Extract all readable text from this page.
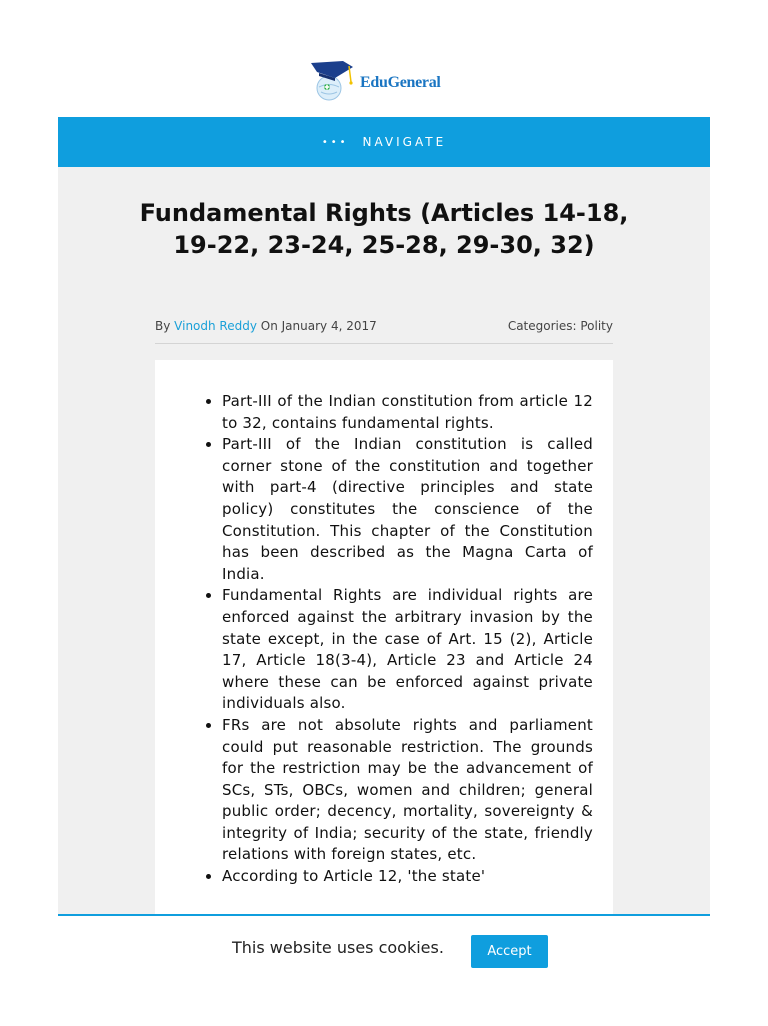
EduGeneral
••• NAVIGATE
Fundamental Rights (Articles 14-18, 19-22, 23-24, 25-28, 29-30, 32)
By Vinodh Reddy On January 4, 2017	Categories: Polity
• Part-III of the Indian constitution from article 12 to 32, contains fundamental rights.
• Part-III of the Indian constitution is called corner stone of the constitution and together with part-4 (directive principles and state policy) constitutes the conscience of the Constitution. This chapter of the Constitution has been described as the Magna Carta of India.
• Fundamental Rights are individual rights are enforced against the arbitrary invasion by the state except, in the case of Art. 15 (2), Article 17, Article 18(3-4), Article 23 and Article 24 where these can be enforced against private individuals also.
• FRs are not absolute rights and parliament could put reasonable restriction. The grounds for the restriction may be the advancement of SCs, STs, OBCs, women and children; general public order; decency, mortality, sovereignty & integrity of India; security of the state, friendly relations with foreign states, etc.
• According to Article 12, 'the state'
This website uses cookies.	Accept
